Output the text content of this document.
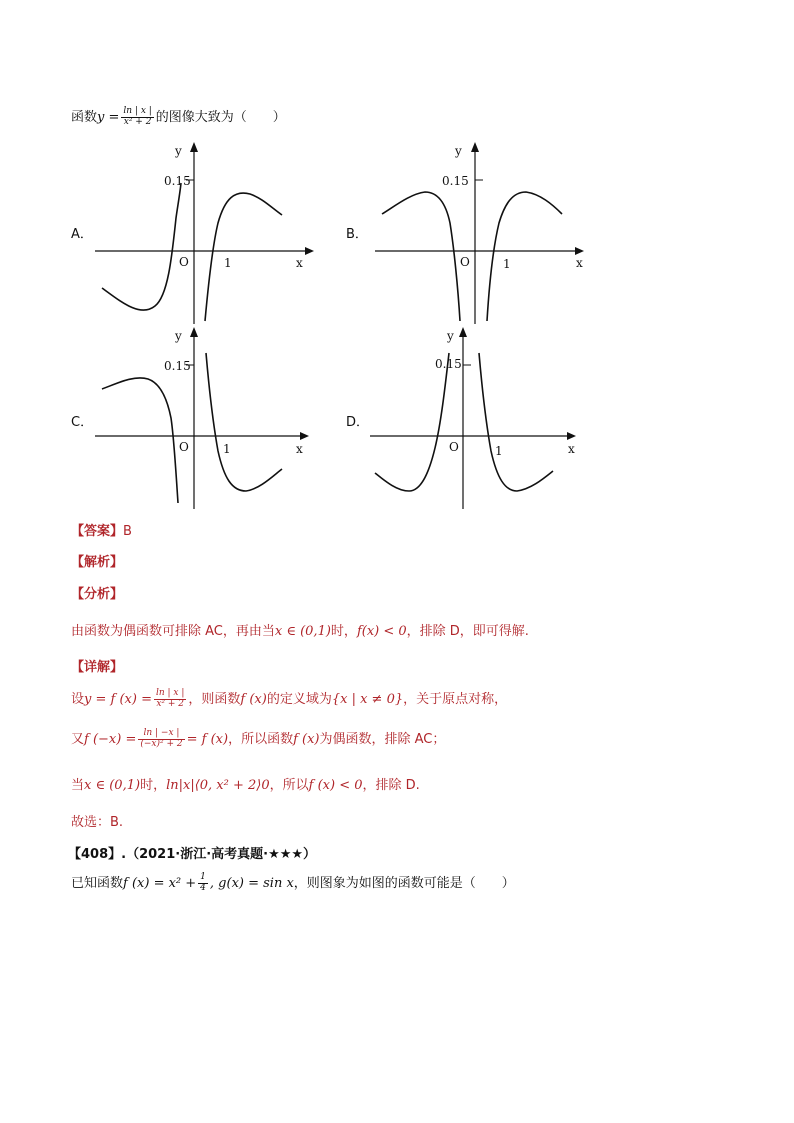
函数$y = \frac{\ln | x |}{\text{x² + 2}}$ 的图像大致为（　　）
A．	B．
C．	D．
y
x
O	1
0.15
y
x
O	1
0.15
y
x
O	1
0.15
y
x
O	1
0.15
【答案】B
【解析】
【分析】
由函数为偶函数可排除 AC，再由当x ∈ (0,1)时，f(x) < 0，排除 D，即可得解.
【详解】
设y = f $(x) = \frac{\ln | x |}{\text{x² + 2}}$ ，则函数f (x)的定义域为{x | x ≠ 0}，关于原点对称，
又f $(-x) = \frac{\ln | -x |}{\text{(−x)² + 2}} = f$ (x)，所以函数f (x)为偶函数，排除 AC；
当x ∈ (0,1)时，ln|x|⟨0, x² + 2⟩0，所以f (x) < 0，排除 D.
故选：B.
【408】.（2021·浙江·高考真题·★★★）
已知函数f $(x) = x^2 + \frac{1}{4}$ , g(x) = sin x，则图象为如图的函数可能是（　　）
